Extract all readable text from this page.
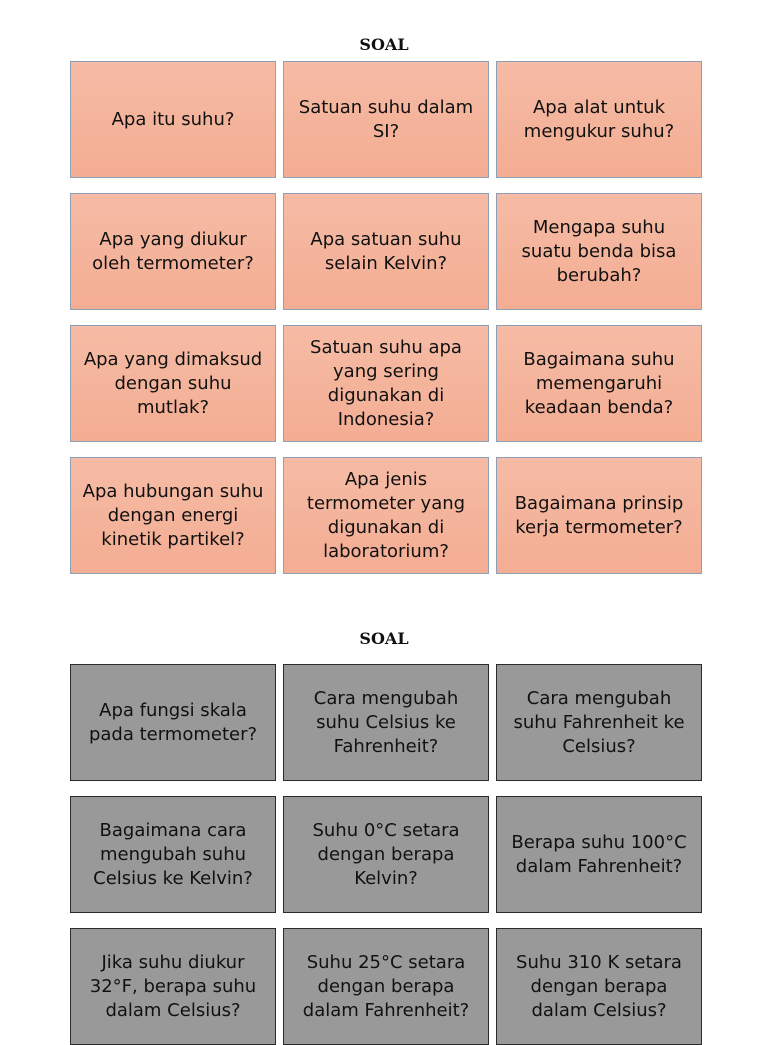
SOAL
Apa itu suhu?
Satuan suhu dalam SI?
Apa alat untuk mengukur suhu?
Apa yang diukur oleh termometer?
Apa satuan suhu selain Kelvin?
Mengapa suhu suatu benda bisa berubah?
Apa yang dimaksud dengan suhu mutlak?
Satuan suhu apa yang sering digunakan di Indonesia?
Bagaimana suhu memengaruhi keadaan benda?
Apa hubungan suhu dengan energi kinetik partikel?
Apa jenis termometer yang digunakan di laboratorium?
Bagaimana prinsip kerja termometer?
SOAL
Apa fungsi skala pada termometer?
Cara mengubah suhu Celsius ke Fahrenheit?
Cara mengubah suhu Fahrenheit ke Celsius?
Bagaimana cara mengubah suhu Celsius ke Kelvin?
Suhu 0°C setara dengan berapa Kelvin?
Berapa suhu 100°C dalam Fahrenheit?
Jika suhu diukur 32°F, berapa suhu dalam Celsius?
Suhu 25°C setara dengan berapa dalam Fahrenheit?
Suhu 310 K setara dengan berapa dalam Celsius?
